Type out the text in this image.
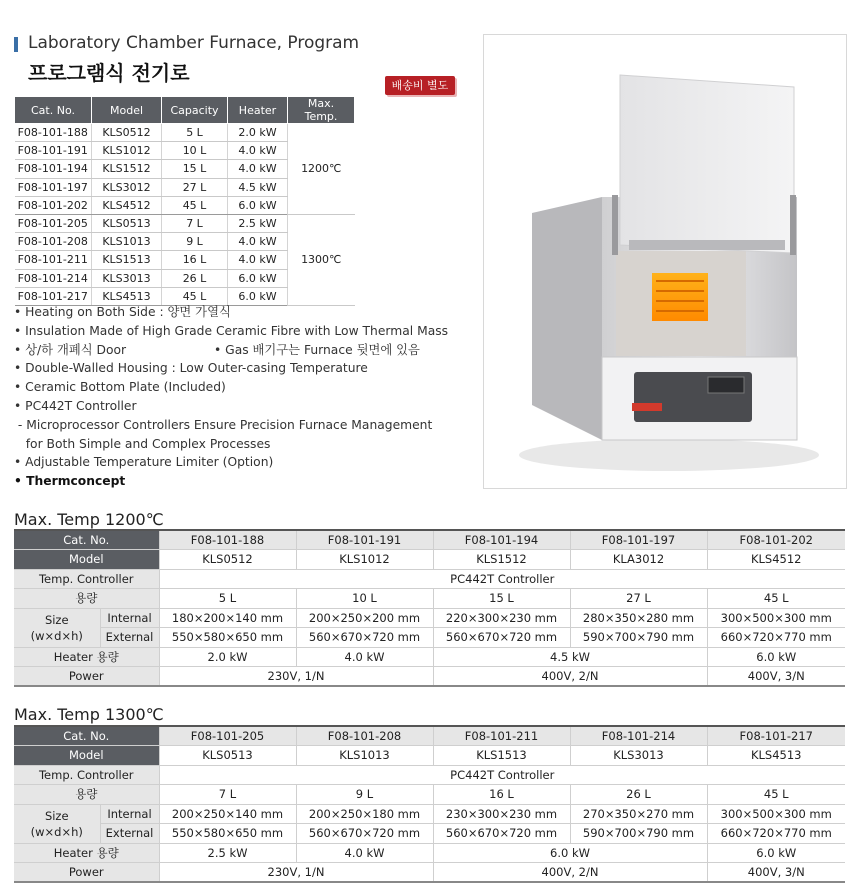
Laboratory Chamber Furnace, Program
프로그램식 전기로
배송비 별도
Cat. No.	Model	Capacity	Heater	Max. Temp.
F08-101-188	KLS0512	5 L	2.0 kW	1200℃
F08-101-191	KLS1012	10 L	4.0 kW	
F08-101-194	KLS1512	15 L	4.0 kW	
F08-101-197	KLS3012	27 L	4.5 kW	
F08-101-202	KLS4512	45 L	6.0 kW	
F08-101-205	KLS0513	7 L	2.5 kW	1300℃
F08-101-208	KLS1013	9 L	4.0 kW	
F08-101-211	KLS1513	16 L	4.0 kW	
F08-101-214	KLS3013	26 L	6.0 kW	
F08-101-217	KLS4513	45 L	6.0 kW	
• Heating on Both Side : 양면 가열식
• Insulation Made of High Grade Ceramic Fibre with Low Thermal Mass
• 상/하 개폐식 Door	• Gas 배기구는 Furnace 뒷면에 있음
• Double-Walled Housing : Low Outer-casing Temperature
• Ceramic Bottom Plate (Included)
• PC442T Controller
- Microprocessor Controllers Ensure Precision Furnace Management
for Both Simple and Complex Processes
• Adjustable Temperature Limiter (Option)
• Thermconcept
Max. Temp 1200℃
Cat. No.		F08-101-188	F08-101-191	F08-101-194	F08-101-197	F08-101-202
Model		KLS0512	KLS1012	KLS1512	KLA3012	KLS4512
Temp. Controller		PC442T Controller				
용량		5 L	10 L	15 L	27 L	45 L

Size
(w×d×h)	Internal	180×200×140 mm	200×250×200 mm	220×300×230 mm	280×350×280 mm	300×500×300 mm
	External	550×580×650 mm	560×670×720 mm	560×670×720 mm	590×700×790 mm	660×720×770 mm
Heater 용량		2.0 kW	4.0 kW	4.5 kW		6.0 kW
Power		230V, 1/N		400V, 2/N		400V, 3/N
Max. Temp 1300℃
Cat. No.		F08-101-205	F08-101-208	F08-101-211	F08-101-214	F08-101-217
Model		KLS0513	KLS1013	KLS1513	KLS3013	KLS4513
Temp. Controller		PC442T Controller				
용량		7 L	9 L	16 L	26 L	45 L

Size
(w×d×h)	Internal	200×250×140 mm	200×250×180 mm	230×300×230 mm	270×350×270 mm	300×500×300 mm
	External	550×580×650 mm	560×670×720 mm	560×670×720 mm	590×700×790 mm	660×720×770 mm
Heater 용량		2.5 kW	4.0 kW	6.0 kW		6.0 kW
Power		230V, 1/N		400V, 2/N		400V, 3/N
